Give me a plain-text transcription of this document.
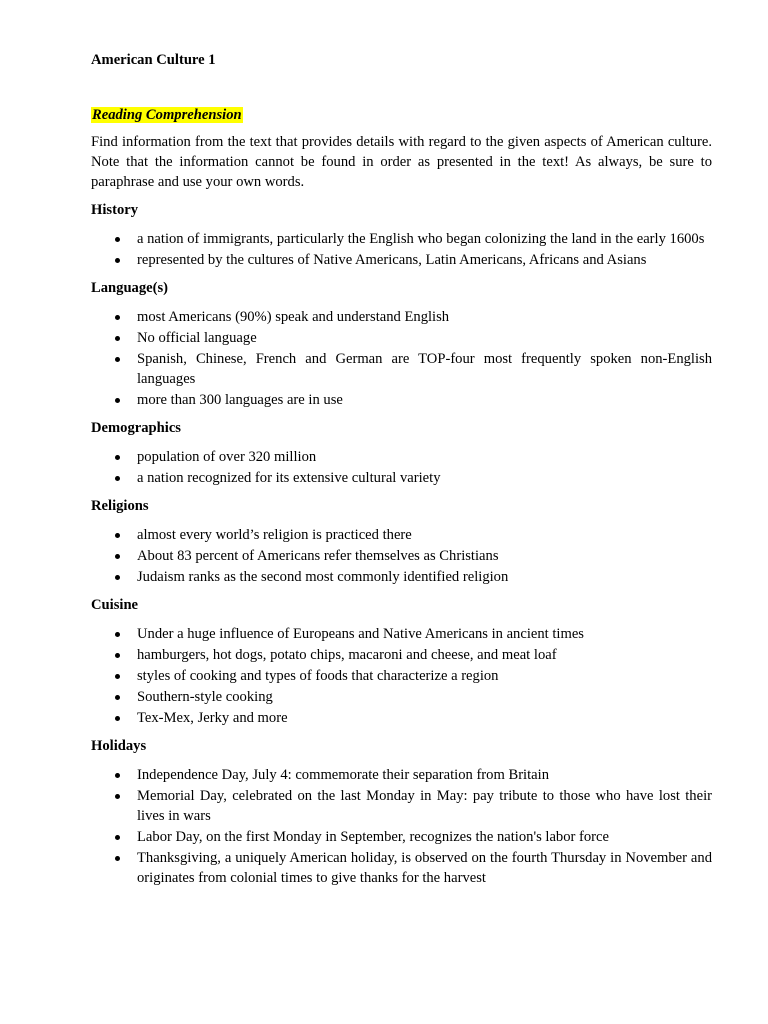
American Culture 1

Reading Comprehension

Find information from the text that provides details with regard to the given aspects of American culture. Note that the information cannot be found in order as presented in the text! As always, be sure to paraphrase and use your own words.

History

a nation of immigrants, particularly the English who began colonizing the land in the early 1600s
represented by the cultures of Native Americans, Latin Americans, Africans and Asians

Language(s)

most Americans (90%) speak and understand English
No official language
Spanish, Chinese, French and German are TOP-four most frequently spoken non-English languages
more than 300 languages are in use

Demographics

population of over 320 million
a nation recognized for its extensive cultural variety

Religions

almost every world’s religion is practiced there
About 83 percent of Americans refer themselves as Christians
Judaism ranks as the second most commonly identified religion

Cuisine

Under a huge influence of Europeans and Native Americans in ancient times
hamburgers, hot dogs, potato chips, macaroni and cheese, and meat loaf
styles of cooking and types of foods that characterize a region
Southern-style cooking
Tex-Mex, Jerky and more

Holidays

Independence Day, July 4: commemorate their separation from Britain
Memorial Day, celebrated on the last Monday in May: pay tribute to those who have lost their lives in wars
Labor Day, on the first Monday in September, recognizes the nation's labor force
Thanksgiving, a uniquely American holiday, is observed on the fourth Thursday in November and originates from colonial times to give thanks for the harvest
